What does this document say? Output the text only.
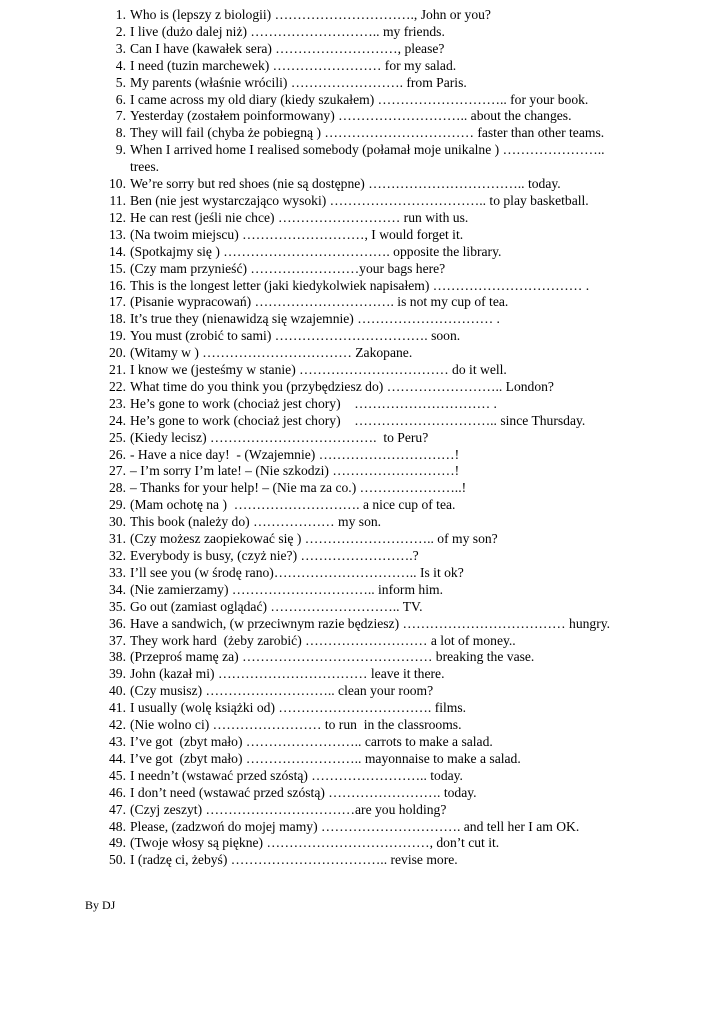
1. Who is (lepszy z biologii) …………………………., John or you?
2. I live (dużo dalej niż) ……………………….. my friends.
3. Can I have (kawałek sera) ………………………, please?
4. I need (tuzin marchewek) …………………… for my salad.
5. My parents (właśnie wrócili) ……………………. from Paris.
6. I came across my old diary (kiedy szukałem) ……………………….. for your book.
7. Yesterday (zostałem poinformowany) ……………………….. about the changes.
8. They will fail (chyba że pobiegną ) …………………………… faster than other teams.
9. When I arrived home I realised somebody (połamał moje unikalne ) …………………..
trees.
10. We’re sorry but red shoes (nie są dostępne) …………………………….. today.
11. Ben (nie jest wystarczająco wysoki) …………………………….. to play basketball.
12. He can rest (jeśli nie chce) ……………………… run with us.
13. (Na twoim miejscu) ………………………, I would forget it.
14. (Spotkajmy się ) ………………………………. opposite the library.
15. (Czy mam przynieść) ……………………your bags here?
16. This is the longest letter (jaki kiedykolwiek napisałem) …………………………… .
17. (Pisanie wypracowań) …………………………. is not my cup of tea.
18. It’s true they (nienawidzą się wzajemnie) ………………………… .
19. You must (zrobić to sami) ……………………………. soon.
20. (Witamy w ) …………………………… Zakopane.
21. I know we (jesteśmy w stanie) …………………………… do it well.
22. What time do you think you (przybędziesz do) …………………….. London?
23. He’s gone to work (chociaż jest chory)    ………………………… .
24. He’s gone to work (chociaż jest chory)    ………………………….. since Thursday.
25. (Kiedy lecisz) ……………………………….  to Peru?
26. - Have a nice day!  - (Wzajemnie) …………………………!
27. – I’m sorry I’m late! – (Nie szkodzi) ………………………!
28. – Thanks for your help! – (Nie ma za co.) …………………..!
29. (Mam ochotę na )  ………………………. a nice cup of tea.
30. This book (należy do) ……………… my son.
31. (Czy możesz zaopiekować się ) ……………………….. of my son?
32. Everybody is busy, (czyż nie?) …………………….?
33. I’ll see you (w środę rano)………………………….. Is it ok?
34. (Nie zamierzamy) ………………………….. inform him.
35. Go out (zamiast oglądać) ……………………….. TV.
36. Have a sandwich, (w przeciwnym razie będziesz) ……………………………… hungry.
37. They work hard  (żeby zarobić) ……………………… a lot of money..
38. (Przeproś mamę za) …………………………………… breaking the vase.
39. John (kazał mi) …………………………… leave it there.
40. (Czy musisz) ……………………….. clean your room?
41. I usually (wolę książki od) ……………………………. films.
42. (Nie wolno ci) …………………… to run  in the classrooms.
43. I’ve got  (zbyt mało) …………………….. carrots to make a salad.
44. I’ve got  (zbyt mało) …………………….. mayonnaise to make a salad.
45. I needn’t (wstawać przed szóstą) …………………….. today.
46. I don’t need (wstawać przed szóstą) ……………………. today.
47. (Czyj zeszyt) ……………………………are you holding?
48. Please, (zadzwoń do mojej mamy) …………………………. and tell her I am OK.
49. (Twoje włosy są piękne) ………………………………, don’t cut it.
50. I (radzę ci, żebyś) …………………………….. revise more.
By DJ
